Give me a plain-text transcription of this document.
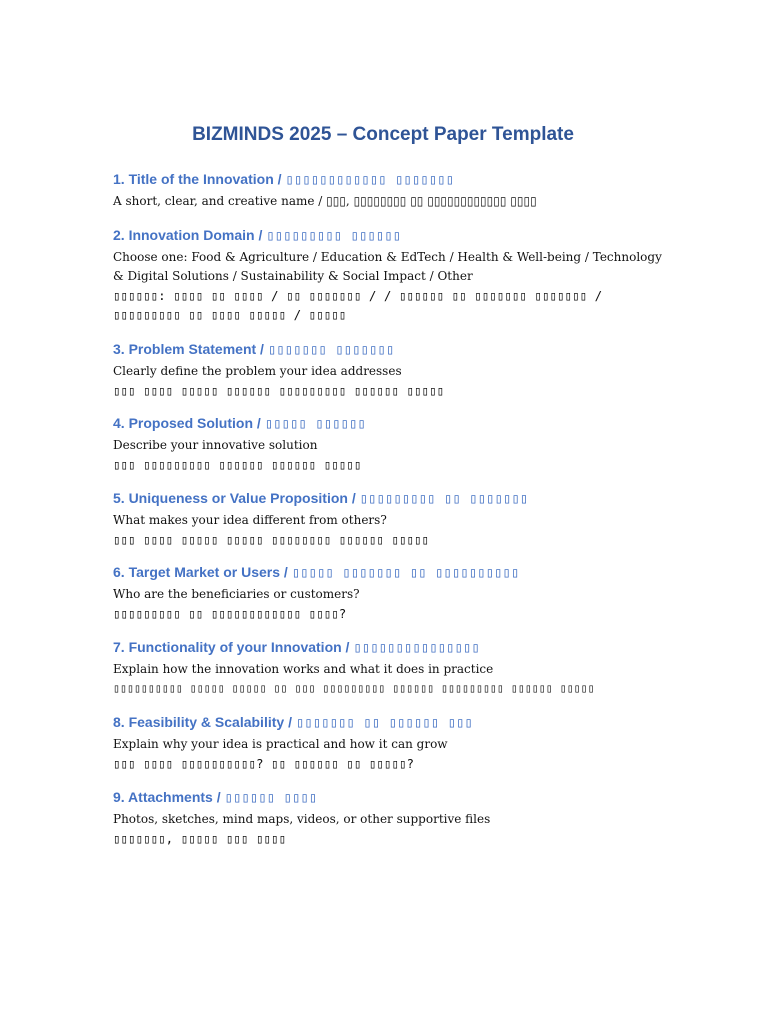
BIZMINDS 2025 – Concept Paper Template
1. Title of the Innovation / ▯▯▯▯▯▯▯▯▯▯▯▯ ▯▯▯▯▯▯▯
A short, clear, and creative name / ▯▯▯, ▯▯▯▯▯▯▯▯ ▯▯ ▯▯▯▯▯▯▯▯▯▯▯▯ ▯▯▯▯
2. Innovation Domain / ▯▯▯▯▯▯▯▯▯ ▯▯▯▯▯▯
Choose one: Food & Agriculture / Education & EdTech / Health & Well-being / Technology
& Digital Solutions / Sustainability & Social Impact / Other
▯▯▯▯▯▯: ▯▯▯▯ ▯▯ ▯▯▯▯ / ▯▯ ▯▯▯▯▯▯▯ / / ▯▯▯▯▯▯ ▯▯ ▯▯▯▯▯▯▯ ▯▯▯▯▯▯▯ /
▯▯▯▯▯▯▯▯▯ ▯▯ ▯▯▯▯ ▯▯▯▯▯ / ▯▯▯▯▯
3. Problem Statement / ▯▯▯▯▯▯▯ ▯▯▯▯▯▯▯
Clearly define the problem your idea addresses
▯▯▯ ▯▯▯▯ ▯▯▯▯▯ ▯▯▯▯▯▯ ▯▯▯▯▯▯▯▯▯ ▯▯▯▯▯▯ ▯▯▯▯▯
4. Proposed Solution / ▯▯▯▯▯ ▯▯▯▯▯▯
Describe your innovative solution
▯▯▯ ▯▯▯▯▯▯▯▯▯ ▯▯▯▯▯▯ ▯▯▯▯▯▯ ▯▯▯▯▯
5. Uniqueness or Value Proposition / ▯▯▯▯▯▯▯▯▯ ▯▯ ▯▯▯▯▯▯▯
What makes your idea different from others?
▯▯▯ ▯▯▯▯ ▯▯▯▯▯ ▯▯▯▯▯ ▯▯▯▯▯▯▯▯ ▯▯▯▯▯▯ ▯▯▯▯▯
6. Target Market or Users / ▯▯▯▯▯ ▯▯▯▯▯▯▯ ▯▯ ▯▯▯▯▯▯▯▯▯▯
Who are the beneficiaries or customers?
▯▯▯▯▯▯▯▯▯ ▯▯ ▯▯▯▯▯▯▯▯▯▯▯▯ ▯▯▯▯?
7. Functionality of your Innovation / ▯▯▯▯▯▯▯▯▯▯▯▯▯▯▯
Explain how the innovation works and what it does in practice
▯▯▯▯▯▯▯▯▯▯ ▯▯▯▯▯ ▯▯▯▯▯ ▯▯ ▯▯▯ ▯▯▯▯▯▯▯▯▯ ▯▯▯▯▯▯ ▯▯▯▯▯▯▯▯▯ ▯▯▯▯▯▯ ▯▯▯▯▯
8. Feasibility & Scalability / ▯▯▯▯▯▯▯ ▯▯ ▯▯▯▯▯▯ ▯▯▯
Explain why your idea is practical and how it can grow
▯▯▯ ▯▯▯▯ ▯▯▯▯▯▯▯▯▯▯? ▯▯ ▯▯▯▯▯▯ ▯▯ ▯▯▯▯▯?
9. Attachments / ▯▯▯▯▯▯ ▯▯▯▯
Photos, sketches, mind maps, videos, or other supportive files
▯▯▯▯▯▯▯, ▯▯▯▯▯ ▯▯▯ ▯▯▯▯
